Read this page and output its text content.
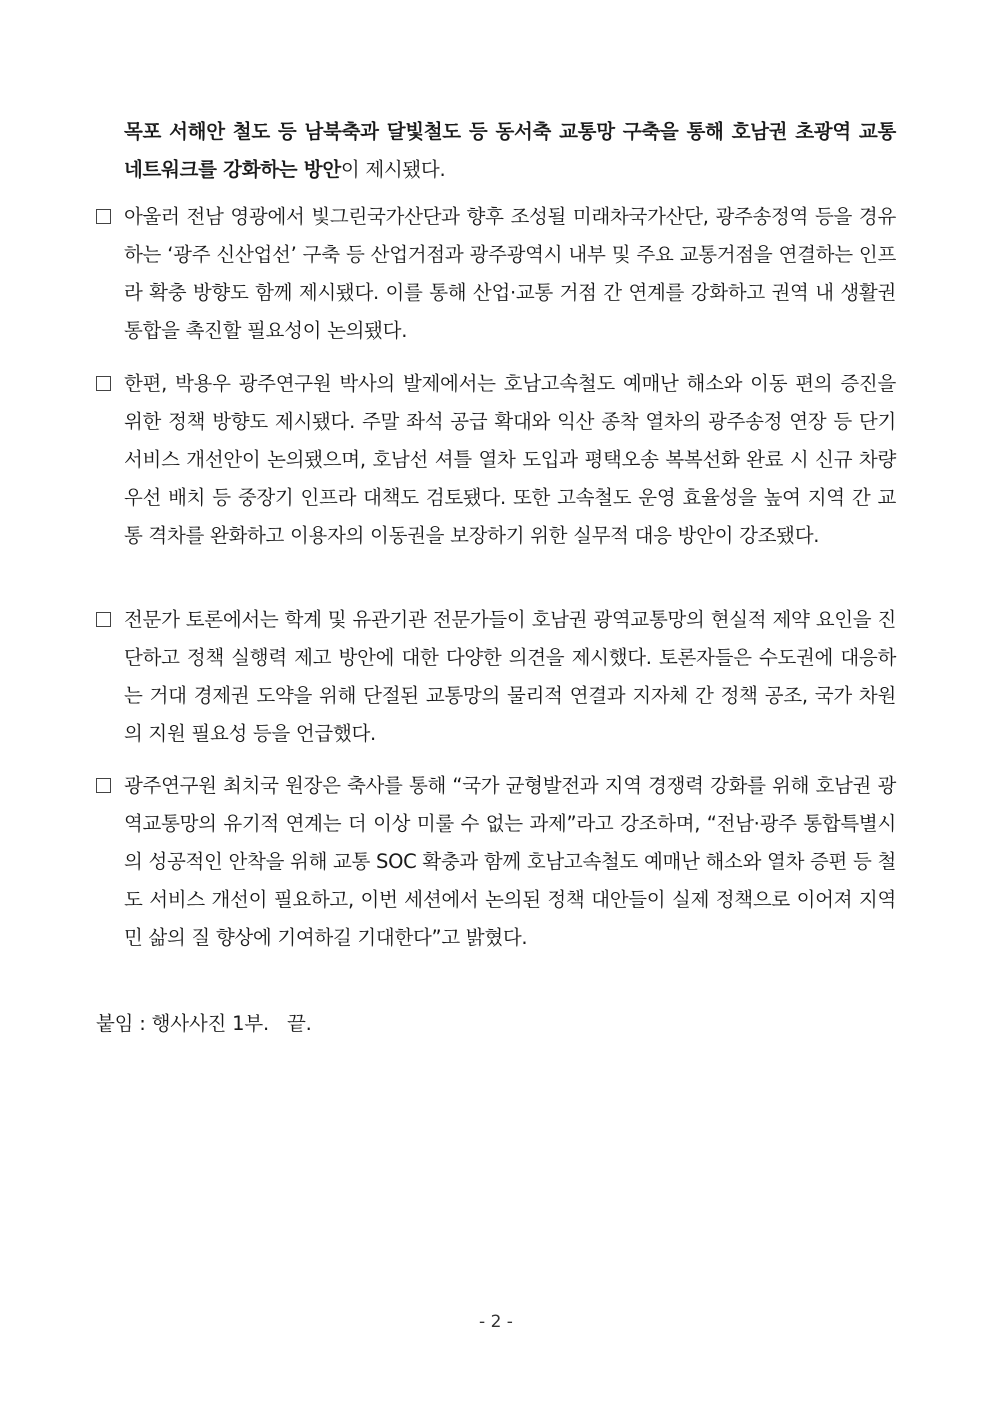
목포 서해안 철도 등 남북축과 달빛철도 등 동서축 교통망 구축을 통해 호남권 초광역 교통 네트워크를 강화하는 방안이 제시됐다.

아울러 전남 영광에서 빛그린국가산단과 향후 조성될 미래차국가산단, 광주송정역 등을 경유하는 ‘광주 신산업선’ 구축 등 산업거점과 광주광역시 내부 및 주요 교통거점을 연결하는 인프라 확충 방향도 함께 제시됐다. 이를 통해 산업·교통 거점 간 연계를 강화하고 권역 내 생활권 통합을 촉진할 필요성이 논의됐다.

한편, 박용우 광주연구원 박사의 발제에서는 호남고속철도 예매난 해소와 이동 편의 증진을 위한 정책 방향도 제시됐다. 주말 좌석 공급 확대와 익산 종착 열차의 광주송정 연장 등 단기 서비스 개선안이 논의됐으며, 호남선 셔틀 열차 도입과 평택오송 복복선화 완료 시 신규 차량 우선 배치 등 중장기 인프라 대책도 검토됐다. 또한 고속철도 운영 효율성을 높여 지역 간 교통 격차를 완화하고 이용자의 이동권을 보장하기 위한 실무적 대응 방안이 강조됐다.

전문가 토론에서는 학계 및 유관기관 전문가들이 호남권 광역교통망의 현실적 제약 요인을 진단하고 정책 실행력 제고 방안에 대한 다양한 의견을 제시했다. 토론자들은 수도권에 대응하는 거대 경제권 도약을 위해 단절된 교통망의 물리적 연결과 지자체 간 정책 공조, 국가 차원의 지원 필요성 등을 언급했다.

광주연구원 최치국 원장은 축사를 통해 “국가 균형발전과 지역 경쟁력 강화를 위해 호남권 광역교통망의 유기적 연계는 더 이상 미룰 수 없는 과제”라고 강조하며, “전남·광주 통합특별시의 성공적인 안착을 위해 교통 SOC 확충과 함께 호남고속철도 예매난 해소와 열차 증편 등 철도 서비스 개선이 필요하고, 이번 세션에서 논의된 정책 대안들이 실제 정책으로 이어져 지역민 삶의 질 향상에 기여하길 기대한다”고 밝혔다.

붙임 : 행사사진 1부.   끝.
- 2 -
